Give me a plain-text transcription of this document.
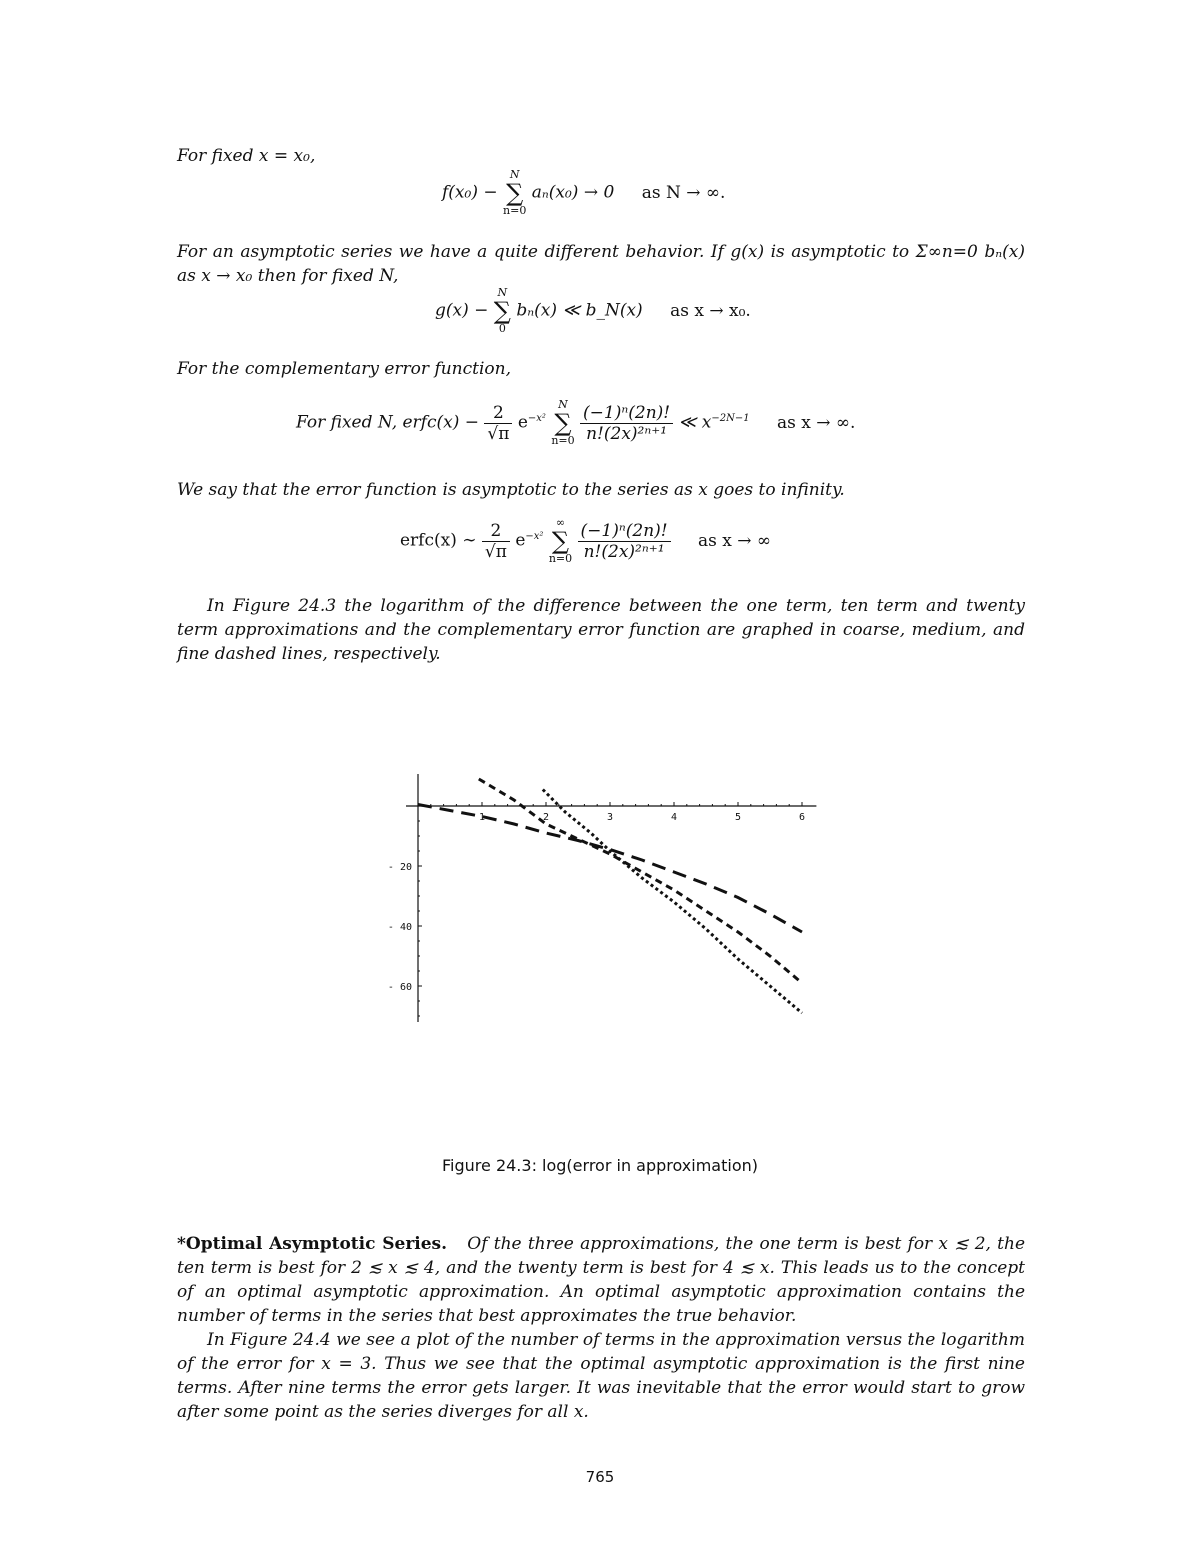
For fixed x = x₀,
f(x₀) −
N
∑
n=0
aₙ(x₀) → 0 as N → ∞.
For an asymptotic series we have a quite different behavior. If g(x) is asymptotic to Σ∞n=0 bₙ(x) as x → x₀ then for fixed N,
g(x) −
N
∑
0
bₙ(x) ≪ b_N(x) as x → x₀.
For the complementary error function,
For fixed N, erfc(x) − $\frac{2}{√\pi} e^{-x^2}$
N
∑
n=0
$\frac{\text{(−1)ⁿ(2n)!}}{\text{n!(2x)²ⁿ⁺¹}}$ ≪ $x^{-2N-1}$ as x → ∞.
We say that the error function is asymptotic to the series as x goes to infinity.
erfc(x) ∼ $\frac{2}{√\pi} e^{-x^2}$
∞
∑
n=0
$\frac{\text{(−1)ⁿ(2n)!}}{\text{n!(2x)²ⁿ⁺¹}}$ as x → ∞
In Figure 24.3 the logarithm of the difference between the one term, ten term and twenty term approximations and the complementary error function are graphed in coarse, medium, and fine dashed lines, respectively.
1	2	3	4	5	6
- 20
- 40
- 60
Figure 24.3: log(error in approximation)
*Optimal Asymptotic Series. Of the three approximations, the one term is best for x ≲ 2, the ten term is best for 2 ≲ x ≲ 4, and the twenty term is best for 4 ≲ x. This leads us to the concept of an optimal asymptotic approximation. An optimal asymptotic approximation contains the number of terms in the series that best approximates the true behavior.
In Figure 24.4 we see a plot of the number of terms in the approximation versus the logarithm of the error for x = 3. Thus we see that the optimal asymptotic approximation is the first nine terms. After nine terms the error gets larger. It was inevitable that the error would start to grow after some point as the series diverges for all x.
765
